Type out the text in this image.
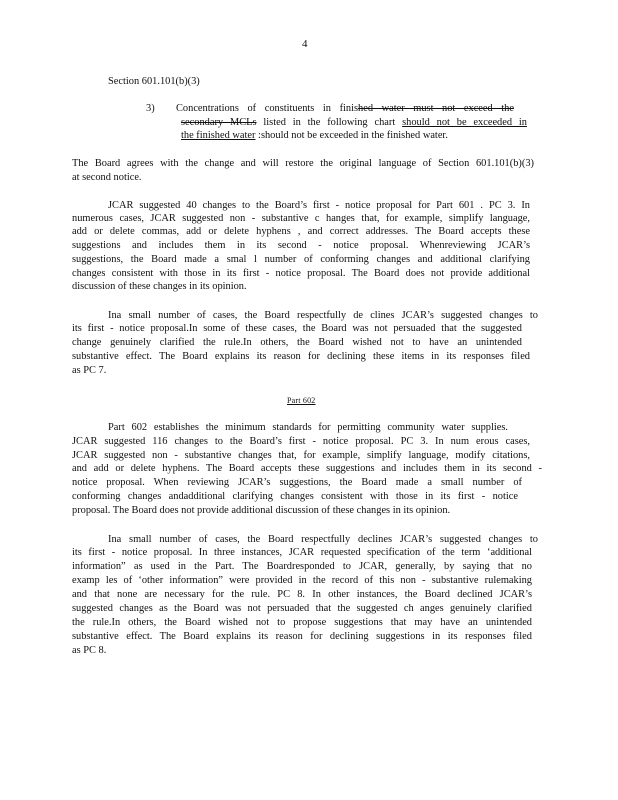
4
Section 601.101(b)(3)
3) Concentrations of constituents in finished water must not exceed the

secondary MCLs listed in the following chart should not be exceeded in

the finished water :should not be exceeded in the finished water.

The Board agrees with the change and will restore the original language of Section 601.101(b)(3)

at second notice.

JCAR suggested 40 changes to the Board’s first - notice proposal for Part 601 . PC 3. In

numerous cases, JCAR suggested non - substantive c hanges that, for example, simplify language,

add or delete commas, add or delete hyphens , and correct addresses. The Board accepts these

suggestions and includes them in its second - notice proposal. Whenreviewing JCAR’s

suggestions, the Board made a smal l number of conforming changes and additional clarifying

changes consistent with those in its first - notice proposal. The Board does not provide additional

discussion of these changes in its opinion.

Ina small number of cases, the Board respectfully de clines JCAR’s suggested changes to

its first - notice proposal.In some of these cases, the Board was not persuaded that the suggested

change genuinely clarified the rule.In others, the Board wished not to have an unintended

substantive effect. The Board explains its reason for declining these items in its responses filed

as PC 7.

Part 602

Part 602 establishes the minimum standards for permitting community water supplies.

JCAR suggested 116 changes to the Board’s first - notice proposal. PC 3. In num erous cases,

JCAR suggested non - substantive changes that, for example, simplify language, modify citations,

and add or delete hyphens. The Board accepts these suggestions and includes them in its second -

notice proposal. When reviewing JCAR’s suggestions, the Board made a small number of

conforming changes andadditional clarifying changes consistent with those in its first - notice

proposal. The Board does not provide additional discussion of these changes in its opinion.

Ina small number of cases, the Board respectfully declines JCAR’s suggested changes to

its first - notice proposal. In three instances, JCAR requested specification of the term ‘additional

information” as used in the Part. The Boardresponded to JCAR, generally, by saying that no

examp les of ‘other information” were provided in the record of this non - substantive rulemaking

and that none are necessary for the rule. PC 8. In other instances, the Board declined JCAR’s

suggested changes as the Board was not persuaded that the suggested ch anges genuinely clarified

the rule.In others, the Board wished not to propose suggestions that may have an unintended

substantive effect. The Board explains its reason for declining suggestions in its responses filed

as PC 8.
